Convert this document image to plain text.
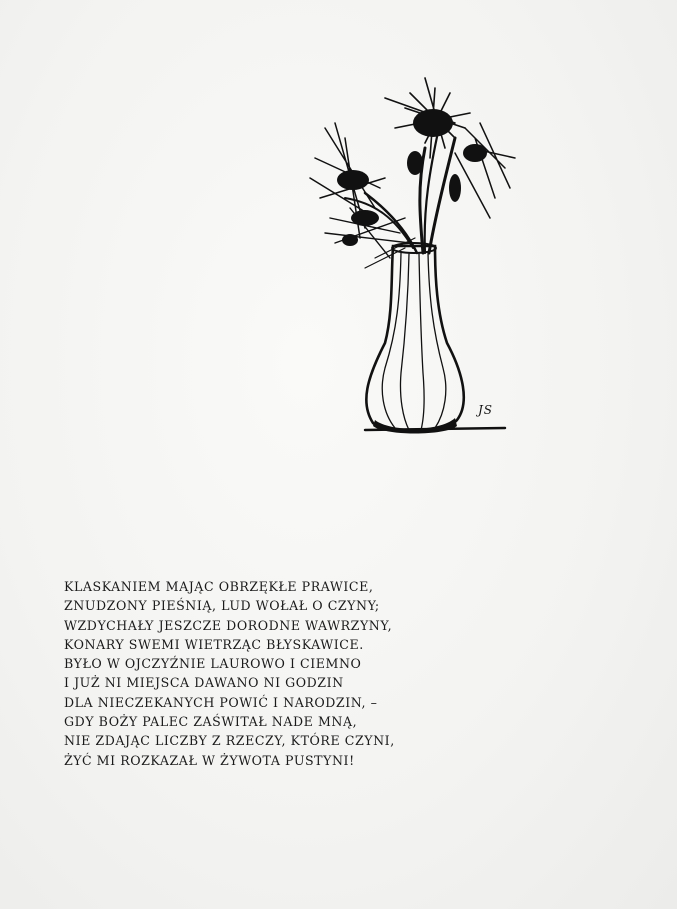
JS
KLASKANIEM MAJĄC OBRZĘKŁE PRAWICE,
ZNUDZONY PIEŚNIĄ, LUD WOŁAŁ O CZYNY;
WZDYCHAŁY JESZCZE DORODNE WAWRZYNY,
KONARY SWEMI WIETRZĄC BŁYSKAWICE.
BYŁO W OJCZYŹNIE LAUROWO I CIEMNO
I JUŻ NI MIEJSCA DAWANO NI GODZIN
DLA NIECZEKANYCH POWIĆ I NARODZIN, –
GDY BOŻY PALEC ZAŚWITAŁ NADE MNĄ,
NIE ZDAJĄC LICZBY Z RZECZY, KTÓRE CZYNI,
ŻYĆ MI ROZKAZAŁ W ŻYWOTA PUSTYNI!
